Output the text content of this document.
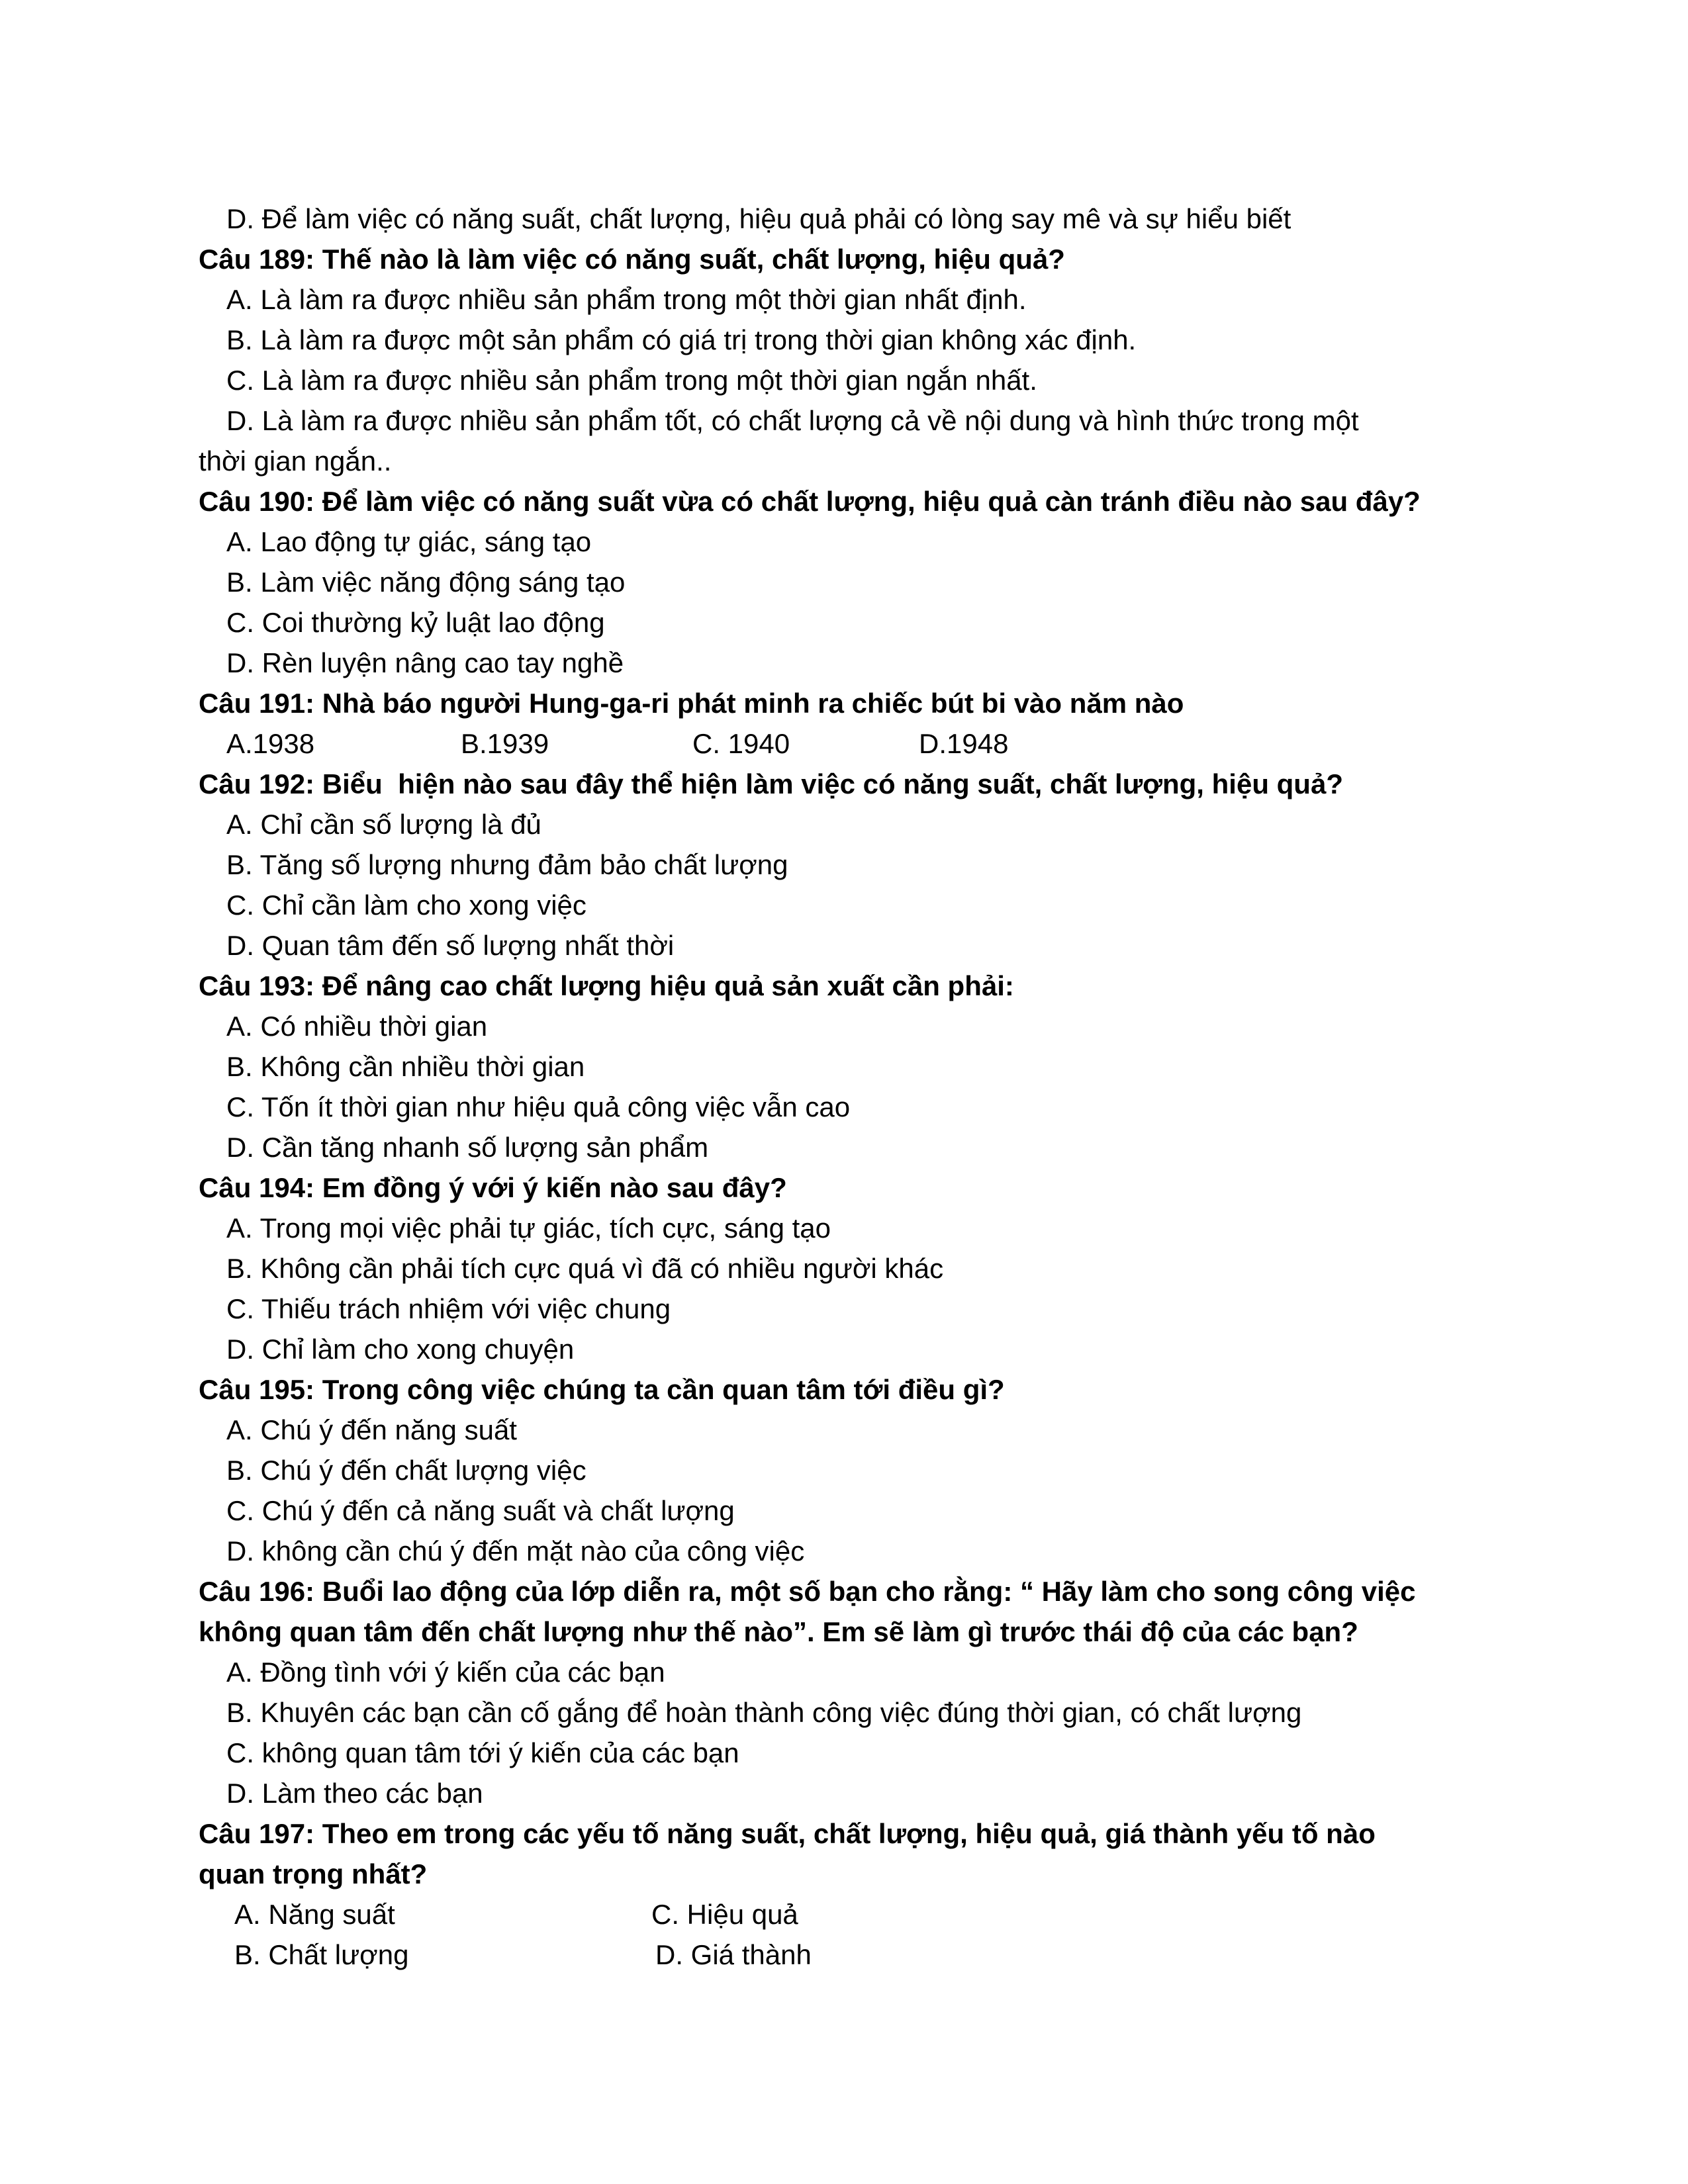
D. Để làm việc có năng suất, chất lượng, hiệu quả phải có lòng say mê và sự hiểu biết
Câu 189: Thế nào là làm việc có năng suất, chất lượng, hiệu quả?
A. Là làm ra được nhiều sản phẩm trong một thời gian nhất định.
B. Là làm ra được một sản phẩm có giá trị trong thời gian không xác định.
C. Là làm ra được nhiều sản phẩm trong một thời gian ngắn nhất.
D. Là làm ra được nhiều sản phẩm tốt, có chất lượng cả về nội dung và hình thức trong một
thời gian ngắn..
Câu 190: Để làm việc có năng suất vừa có chất lượng, hiệu quả càn tránh điều nào sau đây?
A. Lao động tự giác, sáng tạo
B. Làm việc năng động sáng tạo
C. Coi thường kỷ luật lao động
D. Rèn luyện nâng cao tay nghề
Câu 191: Nhà báo người Hung-ga-ri phát minh ra chiếc bút bi vào năm nào
A.1938	B.1939	C. 1940	D.1948
Câu 192: Biểu  hiện nào sau đây thể hiện làm việc có năng suất, chất lượng, hiệu quả?
A. Chỉ cần số lượng là đủ
B. Tăng số lượng nhưng đảm bảo chất lượng
C. Chỉ cần làm cho xong việc
D. Quan tâm đến số lượng nhất thời
Câu 193: Để nâng cao chất lượng hiệu quả sản xuất cần phải:
A. Có nhiều thời gian
B. Không cần nhiều thời gian
C. Tốn ít thời gian như hiệu quả công việc vẫn cao
D. Cần tăng nhanh số lượng sản phẩm
Câu 194: Em đồng ý với ý kiến nào sau đây?
A. Trong mọi việc phải tự giác, tích cực, sáng tạo
B. Không cần phải tích cực quá vì đã có nhiều người khác
C. Thiếu trách nhiệm với việc chung
D. Chỉ làm cho xong chuyện
Câu 195: Trong công việc chúng ta cần quan tâm tới điều gì?
A. Chú ý đến năng suất
B. Chú ý đến chất lượng việc
C. Chú ý đến cả năng suất và chất lượng
D. không cần chú ý đến mặt nào của công việc
Câu 196: Buổi lao động của lớp diễn ra, một số bạn cho rằng: “ Hãy làm cho song công việc
không quan tâm đến chất lượng như thế nào”. Em sẽ làm gì trước thái độ của các bạn?
A. Đồng tình với ý kiến của các bạn
B. Khuyên các bạn cần cố gắng để hoàn thành công việc đúng thời gian, có chất lượng
C. không quan tâm tới ý kiến của các bạn
D. Làm theo các bạn
Câu 197: Theo em trong các yếu tố năng suất, chất lượng, hiệu quả, giá thành yếu tố nào
quan trọng nhất?
A. Năng suất	C. Hiệu quả
B. Chất lượng	D. Giá thành
